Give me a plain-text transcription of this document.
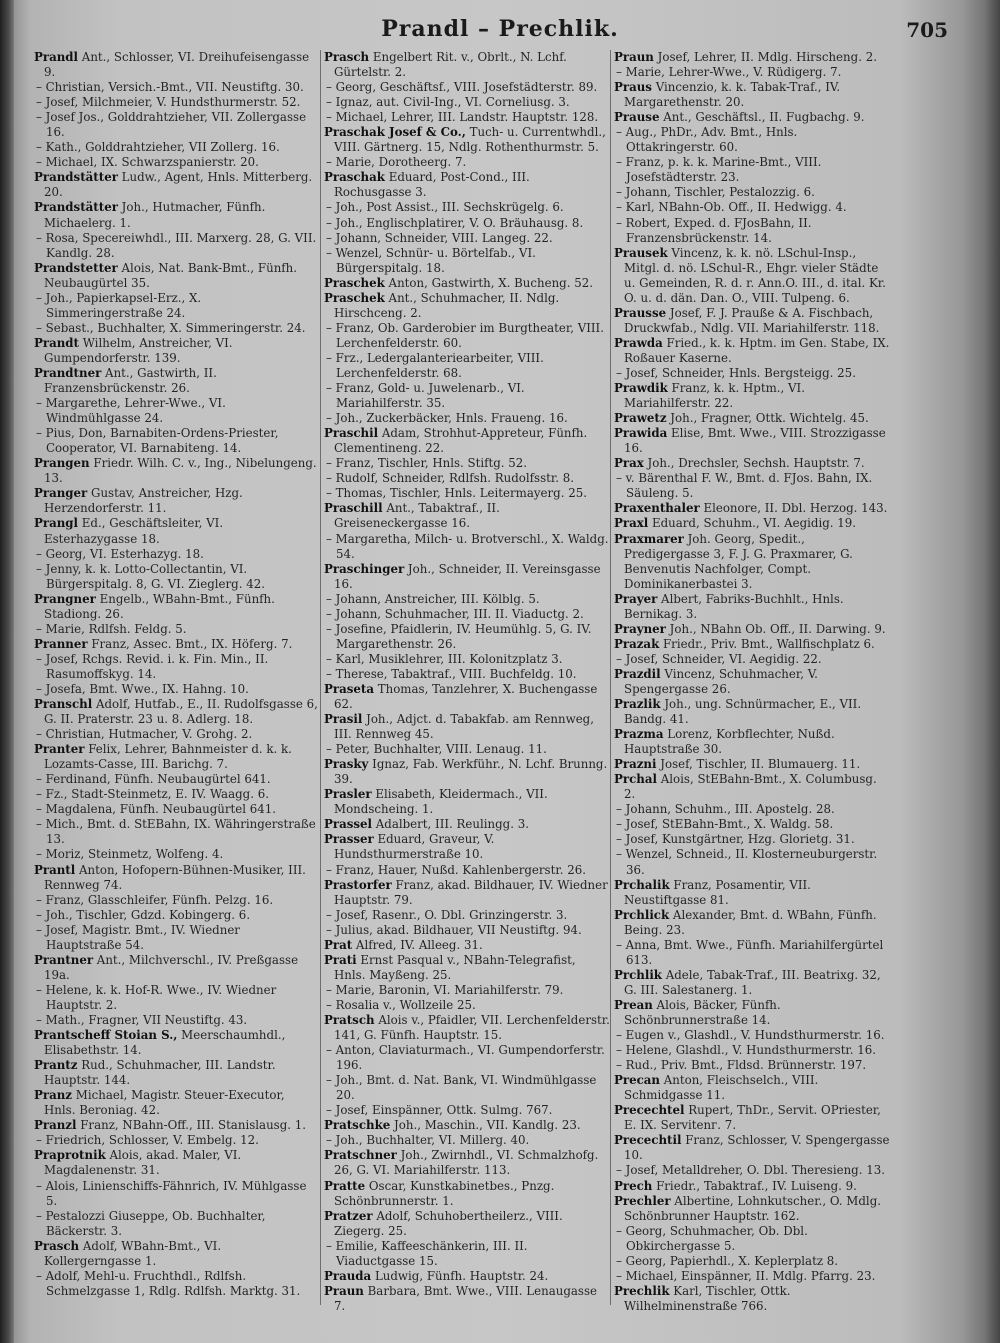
Prandl – Prechlik.	705
Prandl Ant., Schlosser, VI. Dreihufeisengasse 9.
– Christian, Versich.-Bmt., VII. Neustiftg. 30.
– Josef, Milchmeier, V. Hundsthurmerstr. 52.
– Josef Jos., Golddrahtzieher, VII. Zollergasse 16.
– Kath., Golddrahtzieher, VII Zollerg. 16.
– Michael, IX. Schwarzspanierstr. 20.
Prandstätter Ludw., Agent, Hnls. Mitterberg. 20.
Prandstätter Joh., Hutmacher, Fünfh. Michaelerg. 1.
– Rosa, Specereiwhdl., III. Marxerg. 28, G. VII. Kandlg. 28.
Prandstetter Alois, Nat. Bank-Bmt., Fünfh. Neubaugürtel 35.
– Joh., Papierkapsel-Erz., X. Simmeringerstraße 24.
– Sebast., Buchhalter, X. Simmeringerstr. 24.
Prandt Wilhelm, Anstreicher, VI. Gumpendorferstr. 139.
Prandtner Ant., Gastwirth, II. Franzensbrückenstr. 26.
– Margarethe, Lehrer-Wwe., VI. Windmühlgasse 24.
– Pius, Don, Barnabiten-Ordens-Priester, Cooperator, VI. Barnabiteng. 14.
Prangen Friedr. Wilh. C. v., Ing., Nibelungeng. 13.
Pranger Gustav, Anstreicher, Hzg. Herzendorferstr. 11.
Prangl Ed., Geschäftsleiter, VI. Esterhazygasse 18.
– Georg, VI. Esterhazyg. 18.
– Jenny, k. k. Lotto-Collectantin, VI. Bürgerspitalg. 8, G. VI. Zieglerg. 42.
Prangner Engelb., WBahn-Bmt., Fünfh. Stadiong. 26.
– Marie, Rdlfsh. Feldg. 5.
Pranner Franz, Assec. Bmt., IX. Höferg. 7.
– Josef, Rchgs. Revid. i. k. Fin. Min., II. Rasumoffskyg. 14.
– Josefa, Bmt. Wwe., IX. Hahng. 10.
Pranschl Adolf, Hutfab., E., II. Rudolfsgasse 6, G. II. Praterstr. 23 u. 8. Adlerg. 18.
– Christian, Hutmacher, V. Grohg. 2.
Pranter Felix, Lehrer, Bahnmeister d. k. k. Lozamts-Casse, III. Barichg. 7.
– Ferdinand, Fünfh. Neubaugürtel 641.
– Fz., Stadt-Steinmetz, E. IV. Waagg. 6.
– Magdalena, Fünfh. Neubaugürtel 641.
– Mich., Bmt. d. StEBahn, IX. Währingerstraße 13.
– Moriz, Steinmetz, Wolfeng. 4.
Prantl Anton, Hofopern-Bühnen-Musiker, III. Rennweg 74.
– Franz, Glasschleifer, Fünfh. Pelzg. 16.
– Joh., Tischler, Gdzd. Kobingerg. 6.
– Josef, Magistr. Bmt., IV. Wiedner Hauptstraße 54.
Prantner Ant., Milchverschl., IV. Preßgasse 19a.
– Helene, k. k. Hof-R. Wwe., IV. Wiedner Hauptstr. 2.
– Math., Fragner, VII Neustiftg. 43.
Prantscheff Stoian S., Meerschaumhdl., Elisabethstr. 14.
Prantz Rud., Schuhmacher, III. Landstr. Hauptstr. 144.
Pranz Michael, Magistr. Steuer-Executor, Hnls. Beroniag. 42.
Pranzl Franz, NBahn-Off., III. Stanislausg. 1.
– Friedrich, Schlosser, V. Embelg. 12.
Praprotnik Alois, akad. Maler, VI. Magdalenenstr. 31.
– Alois, Linienschiffs-Fähnrich, IV. Mühlgasse 5.
– Pestalozzi Giuseppe, Ob. Buchhalter, Bäckerstr. 3.
Prasch Adolf, WBahn-Bmt., VI. Kollergerngasse 1.
– Adolf, Mehl-u. Fruchthdl., Rdlfsh. Schmelzgasse 1, Rdlg. Rdlfsh. Marktg. 31.
Prasch Engelbert Rit. v., Obrlt., N. Lchf. Gürtelstr. 2.
– Georg, Geschäftsf., VIII. Josefstädterstr. 89.
– Ignaz, aut. Civil-Ing., VI. Corneliusg. 3.
– Michael, Lehrer, III. Landstr. Hauptstr. 128.
Praschak Josef & Co., Tuch- u. Currentwhdl., VIII. Gärtnerg. 15, Ndlg. Rothenthurmstr. 5.
– Marie, Dorotheerg. 7.
Praschak Eduard, Post-Cond., III. Rochusgasse 3.
– Joh., Post Assist., III. Sechskrügelg. 6.
– Joh., Englischplatirer, V. O. Bräuhausg. 8.
– Johann, Schneider, VIII. Langeg. 22.
– Wenzel, Schnür- u. Börtelfab., VI. Bürgerspitalg. 18.
Praschek Anton, Gastwirth, X. Bucheng. 52.
Praschek Ant., Schuhmacher, II. Ndlg. Hirschceng. 2.
– Franz, Ob. Garderobier im Burgtheater, VIII. Lerchenfelderstr. 60.
– Frz., Ledergalanteriearbeiter, VIII. Lerchenfelderstr. 68.
– Franz, Gold- u. Juwelenarb., VI. Mariahilferstr. 35.
– Joh., Zuckerbäcker, Hnls. Fraueng. 16.
Praschil Adam, Strohhut-Appreteur, Fünfh. Clementineng. 22.
– Franz, Tischler, Hnls. Stiftg. 52.
– Rudolf, Schneider, Rdlfsh. Rudolfsstr. 8.
– Thomas, Tischler, Hnls. Leitermayerg. 25.
Praschill Ant., Tabaktraf., II. Greiseneckergasse 16.
– Margaretha, Milch- u. Brotverschl., X. Waldg. 54.
Praschinger Joh., Schneider, II. Vereinsgasse 16.
– Johann, Anstreicher, III. Kölblg. 5.
– Johann, Schuhmacher, III. II. Viaductg. 2.
– Josefine, Pfaidlerin, IV. Heumühlg. 5, G. IV. Margarethenstr. 26.
– Karl, Musiklehrer, III. Kolonitzplatz 3.
– Therese, Tabaktraf., VIII. Buchfeldg. 10.
Praseta Thomas, Tanzlehrer, X. Buchengasse 62.
Prasil Joh., Adjct. d. Tabakfab. am Rennweg, III. Rennweg 45.
– Peter, Buchhalter, VIII. Lenaug. 11.
Prasky Ignaz, Fab. Werkführ., N. Lchf. Brunng. 39.
Prasler Elisabeth, Kleidermach., VII. Mondscheing. 1.
Prassel Adalbert, III. Reulingg. 3.
Prasser Eduard, Graveur, V. Hundsthurmerstraße 10.
– Franz, Hauer, Nußd. Kahlenbergerstr. 26.
Prastorfer Franz, akad. Bildhauer, IV. Wiedner Hauptstr. 79.
– Josef, Rasenr., O. Dbl. Grinzingerstr. 3.
– Julius, akad. Bildhauer, VII Neustiftg. 94.
Prat Alfred, IV. Alleeg. 31.
Prati Ernst Pasqual v., NBahn-Telegrafist, Hnls. Mayßeng. 25.
– Marie, Baronin, VI. Mariahilferstr. 79.
– Rosalia v., Wollzeile 25.
Pratsch Alois v., Pfaidler, VII. Lerchenfelderstr. 141, G. Fünfh. Hauptstr. 15.
– Anton, Claviaturmach., VI. Gumpendorferstr. 196.
– Joh., Bmt. d. Nat. Bank, VI. Windmühlgasse 20.
– Josef, Einspänner, Ottk. Sulmg. 767.
Pratschke Joh., Maschin., VII. Kandlg. 23.
– Joh., Buchhalter, VI. Millerg. 40.
Pratschner Joh., Zwirnhdl., VI. Schmalzhofg. 26, G. VI. Mariahilferstr. 113.
Pratte Oscar, Kunstkabinetbes., Pnzg. Schönbrunnerstr. 1.
Pratzer Adolf, Schuhobertheilerz., VIII. Ziegerg. 25.
– Emilie, Kaffeeschänkerin, III. II. Viaductgasse 15.
Prauda Ludwig, Fünfh. Hauptstr. 24.
Praun Barbara, Bmt. Wwe., VIII. Lenaugasse 7.
Praun Josef, Lehrer, II. Mdlg. Hirscheng. 2.
– Marie, Lehrer-Wwe., V. Rüdigerg. 7.
Praus Vincenzio, k. k. Tabak-Traf., IV. Margarethenstr. 20.
Prause Ant., Geschäftsl., II. Fugbachg. 9.
– Aug., PhDr., Adv. Bmt., Hnls. Ottakringerstr. 60.
– Franz, p. k. k. Marine-Bmt., VIII. Josefstädterstr. 23.
– Johann, Tischler, Pestalozzig. 6.
– Karl, NBahn-Ob. Off., II. Hedwigg. 4.
– Robert, Exped. d. FJosBahn, II. Franzensbrückenstr. 14.
Prausek Vincenz, k. k. nö. LSchul-Insp., Mitgl. d. nö. LSchul-R., Ehgr. vieler Städte u. Gemeinden, R. d. r. Ann.O. III., d. ital. Kr. O. u. d. dän. Dan. O., VIII. Tulpeng. 6.
Prausse Josef, F. J. Prauße & A. Fischbach, Druckwfab., Ndlg. VII. Mariahilferstr. 118.
Prawda Fried., k. k. Hptm. im Gen. Stabe, IX. Roßauer Kaserne.
– Josef, Schneider, Hnls. Bergsteigg. 25.
Prawdik Franz, k. k. Hptm., VI. Mariahilferstr. 22.
Prawetz Joh., Fragner, Ottk. Wichtelg. 45.
Prawida Elise, Bmt. Wwe., VIII. Strozzigasse 16.
Prax Joh., Drechsler, Sechsh. Hauptstr. 7.
– v. Bärenthal F. W., Bmt. d. FJos. Bahn, IX. Säuleng. 5.
Praxenthaler Eleonore, II. Dbl. Herzog. 143.
Praxl Eduard, Schuhm., VI. Aegidig. 19.
Praxmarer Joh. Georg, Spedit., Predigergasse 3, F. J. G. Praxmarer, G. Benvenutis Nachfolger, Compt. Dominikanerbastei 3.
Prayer Albert, Fabriks-Buchhlt., Hnls. Bernikag. 3.
Prayner Joh., NBahn Ob. Off., II. Darwing. 9.
Prazak Friedr., Priv. Bmt., Wallfischplatz 6.
– Josef, Schneider, VI. Aegidig. 22.
Prazdil Vincenz, Schuhmacher, V. Spengergasse 26.
Prazlik Joh., ung. Schnürmacher, E., VII. Bandg. 41.
Prazma Lorenz, Korbflechter, Nußd. Hauptstraße 30.
Prazni Josef, Tischler, II. Blumauerg. 11.
Prchal Alois, StEBahn-Bmt., X. Columbusg. 2.
– Johann, Schuhm., III. Apostelg. 28.
– Josef, StEBahn-Bmt., X. Waldg. 58.
– Josef, Kunstgärtner, Hzg. Glorietg. 31.
– Wenzel, Schneid., II. Klosterneuburgerstr. 36.
Prchalik Franz, Posamentir, VII. Neustiftgasse 81.
Prchlick Alexander, Bmt. d. WBahn, Fünfh. Being. 23.
– Anna, Bmt. Wwe., Fünfh. Mariahilfergürtel 613.
Prchlik Adele, Tabak-Traf., III. Beatrixg. 32, G. III. Salestanerg. 1.
Prean Alois, Bäcker, Fünfh. Schönbrunnerstraße 14.
– Eugen v., Glashdl., V. Hundsthurmerstr. 16.
– Helene, Glashdl., V. Hundsthurmerstr. 16.
– Rud., Priv. Bmt., Fldsd. Brünnerstr. 197.
Precan Anton, Fleischselch., VIII. Schmidgasse 11.
Precechtel Rupert, ThDr., Servit. OPriester, E. IX. Servitenг. 7.
Precechtil Franz, Schlosser, V. Spengergasse 10.
– Josef, Metalldreher, O. Dbl. Theresieng. 13.
Prech Friedr., Tabaktraf., IV. Luiseng. 9.
Prechler Albertine, Lohnkutscher., O. Mdlg. Schönbrunner Hauptstr. 162.
– Georg, Schuhmacher, Ob. Dbl. Obkirchergasse 5.
– Georg, Papierhdl., X. Keplerplatz 8.
– Michael, Einspänner, II. Mdlg. Pfarrg. 23.
Prechlik Karl, Tischler, Ottk. Wilhelminenstraße 766.
